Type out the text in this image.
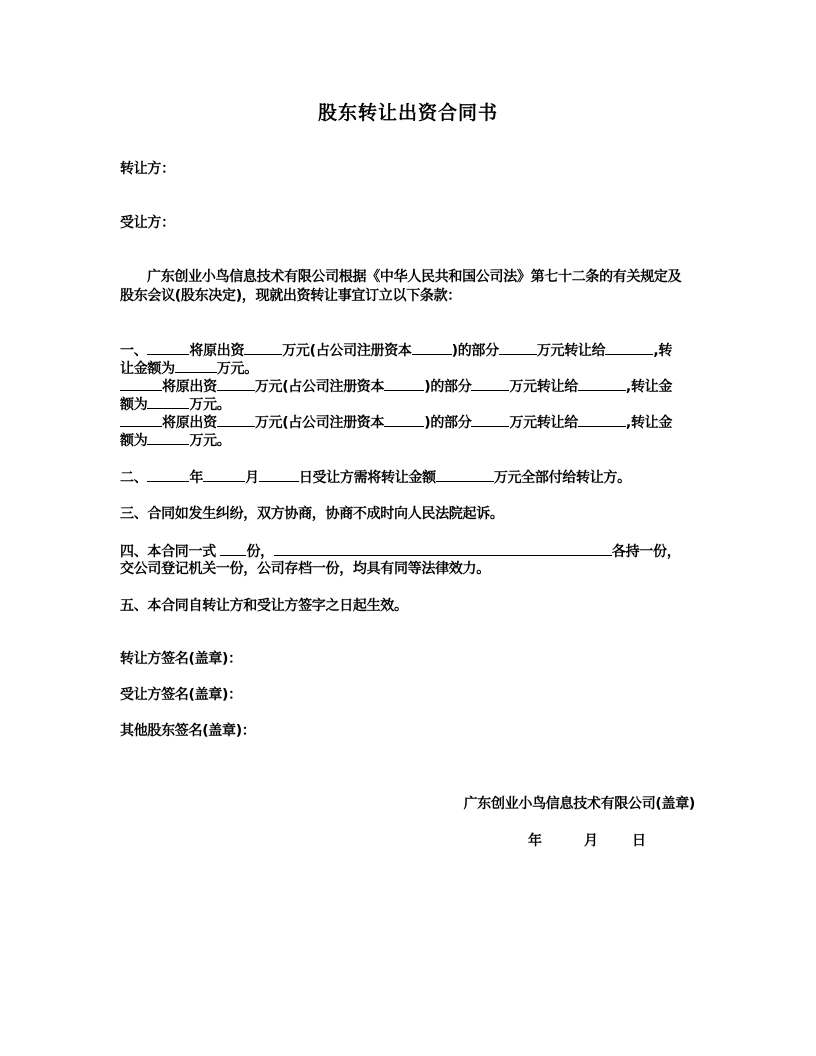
股东转让出资合同书
转让方：
受让方：
广东创业小鸟信息技术有限公司根据《中华人民共和国公司法》第七十二条的有关规定及
股东会议(股东决定)，现就出资转让事宜订立以下条款：
一、	将原出资	万元(占公司注册资本	)的部分	万元转让给	,转
让金额为	万元。
将原出资	万元(占公司注册资本	)的部分	万元转让给	,转让金
额为	万元。
将原出资	万元(占公司注册资本	)的部分	万元转让给	,转让金
额为	万元。
二、	年	月	日受让方需将转让金额	万元全部付给转让方。
三、合同如发生纠纷，双方协商，协商不成时向人民法院起诉。
四、本合同一式 份，	各持一份，
交公司登记机关一份，公司存档一份，均具有同等法律效力。
五、本合同自转让方和受让方签字之日起生效。
转让方签名(盖章)：
受让方签名(盖章)：
其他股东签名(盖章)：
广东创业小鸟信息技术有限公司(盖章)
年	月 日
